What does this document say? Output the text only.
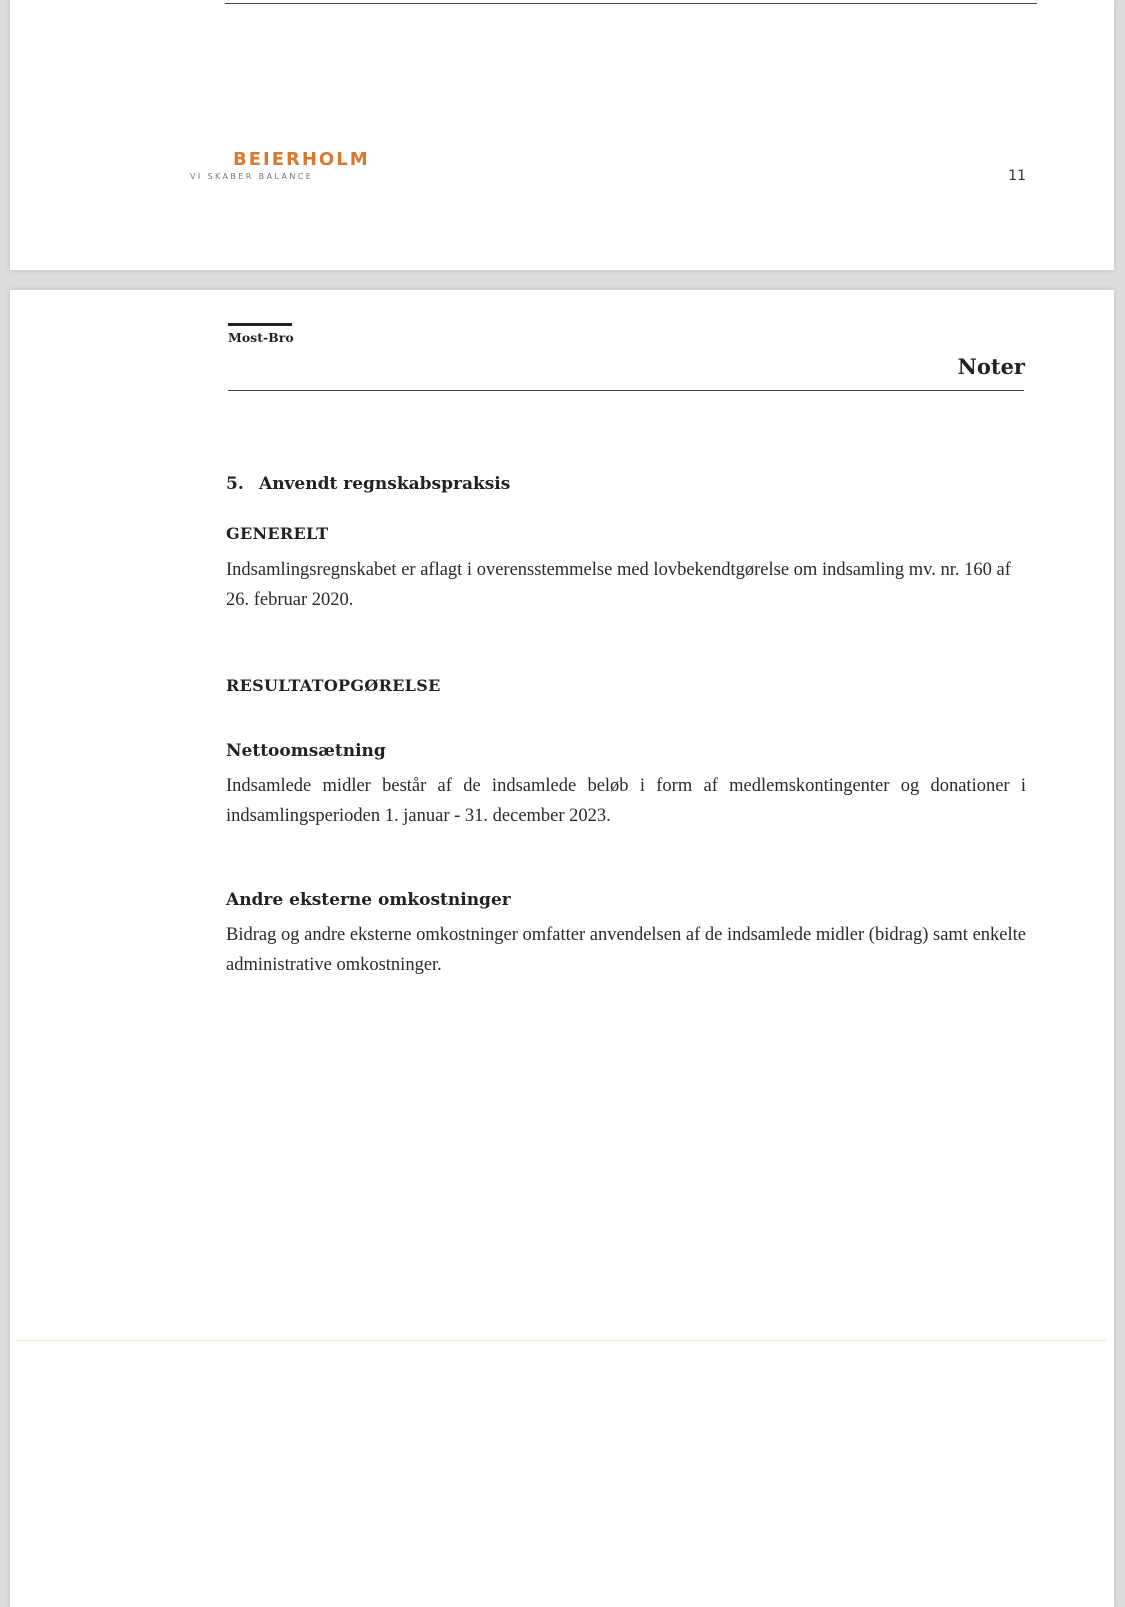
BEIERHOLM
VI SKABER BALANCE	11
Most-Bro
Noter
5. Anvendt regnskabspraksis
GENERELT
Indsamlingsregnskabet er aflagt i overensstemmelse med lovbekendtgørelse om indsamling mv. nr. 160 af 26. februar 2020.
RESULTATOPGØRELSE
Nettoomsætning
Indsamlede midler består af de indsamlede beløb i form af medlemskontingenter og donationer i indsamlingsperioden 1. januar - 31. december 2023.
Andre eksterne omkostninger
Bidrag og andre eksterne omkostninger omfatter anvendelsen af de indsamlede midler (bidrag) samt enkelte administrative omkostninger.
